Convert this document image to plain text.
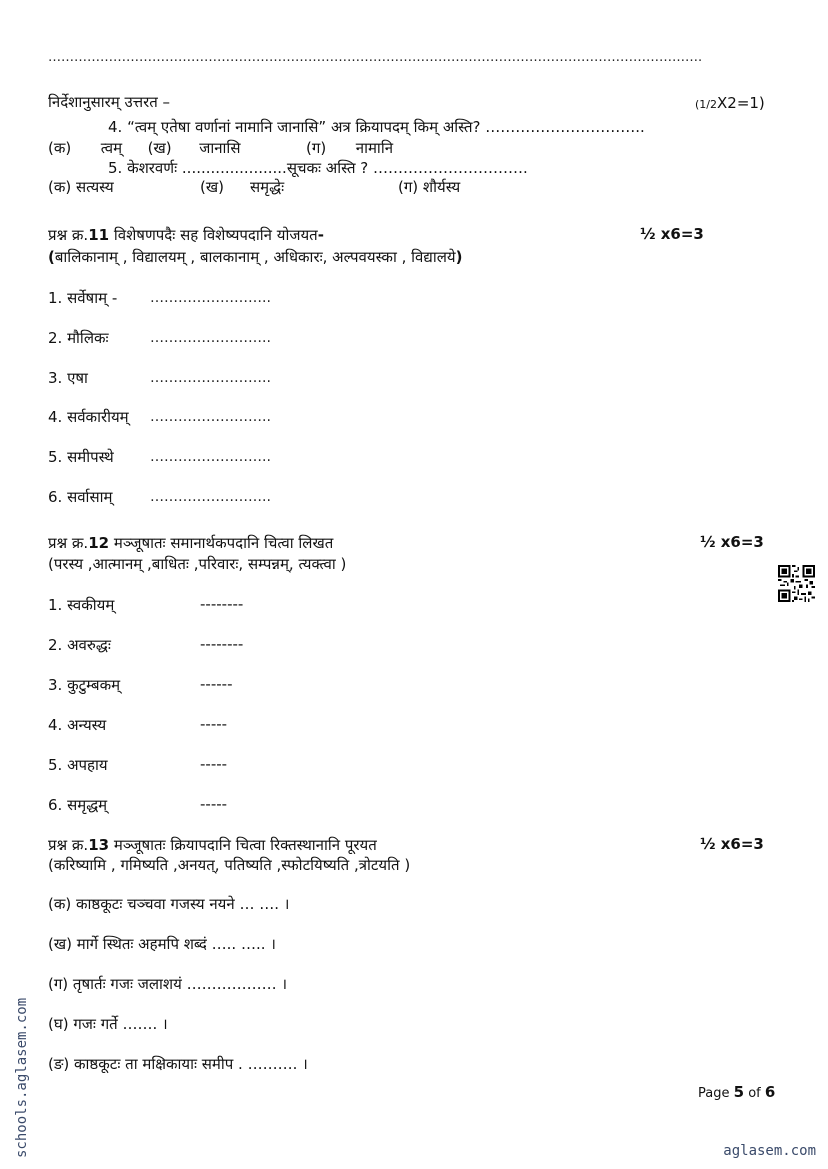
…………………………………………………………………………………………………………………………………….
निर्देशानुसारम् उत्तरत –	(1/2X2=1)
4. “त्वम् एतेषा वर्णानां नामानि जानासि” अत्र क्रियापदम् किम् अस्ति? …………………………..
(क) त्वम् (ख) जानासि	(ग) नामानि
5. केशरवर्णः ......................सूचकः अस्ति ? ………………………….
(क) सत्यस्य	(ख) समृद्धेः	(ग) शौर्यस्य
प्रश्न क्र.11 विशेषणपदैः सह विशेष्यपदानि योजयत-	½ x6=3
(बालिकानाम् , विद्यालयम् , बालकानाम् , अधिकारः, अल्पवयस्का , विद्यालये)
1. सर्वेषाम् - ……………………..
2. मौलिकः	……………………..
3. एषा	……………………..
4. सर्वकारीयम् ……………………..
5. समीपस्थे	……………………..
6. सर्वासाम्	……………………..
प्रश्न क्र.12 मञ्जूषातः समानार्थकपदानि चित्वा लिखत	½ x6=3
(परस्य ,आत्मानम् ,बाधितः ,परिवारः, सम्पन्नम्, त्यक्त्वा )
1. स्वकीयम्	--------
2. अवरुद्धः	--------
3. कुटुम्बकम्	------
4. अन्यस्य	-----
5. अपहाय	-----
6. समृद्धम्	-----
प्रश्न क्र.13 मञ्जूषातः क्रियापदानि चित्वा रिक्तस्थानानि पूरयत	½ x6=3
(करिष्यामि , गमिष्यति ,अनयत्, पतिष्यति ,स्फोटयिष्यति ,त्रोटयति )
(क) काष्ठकूटः चञ्चवा गजस्य नयने … …. ।
(ख) मार्गे स्थितः अहमपि शब्दं ….. ….. ।
(ग) तृषार्तः गजः जलाशयं ……………… ।
(घ) गजः गर्ते ……. ।
(ङ) काष्ठकूटः ता मक्षिकायाः समीप . ………. ।
Page 5 of 6
schools.aglasem.com	aglasem.com
